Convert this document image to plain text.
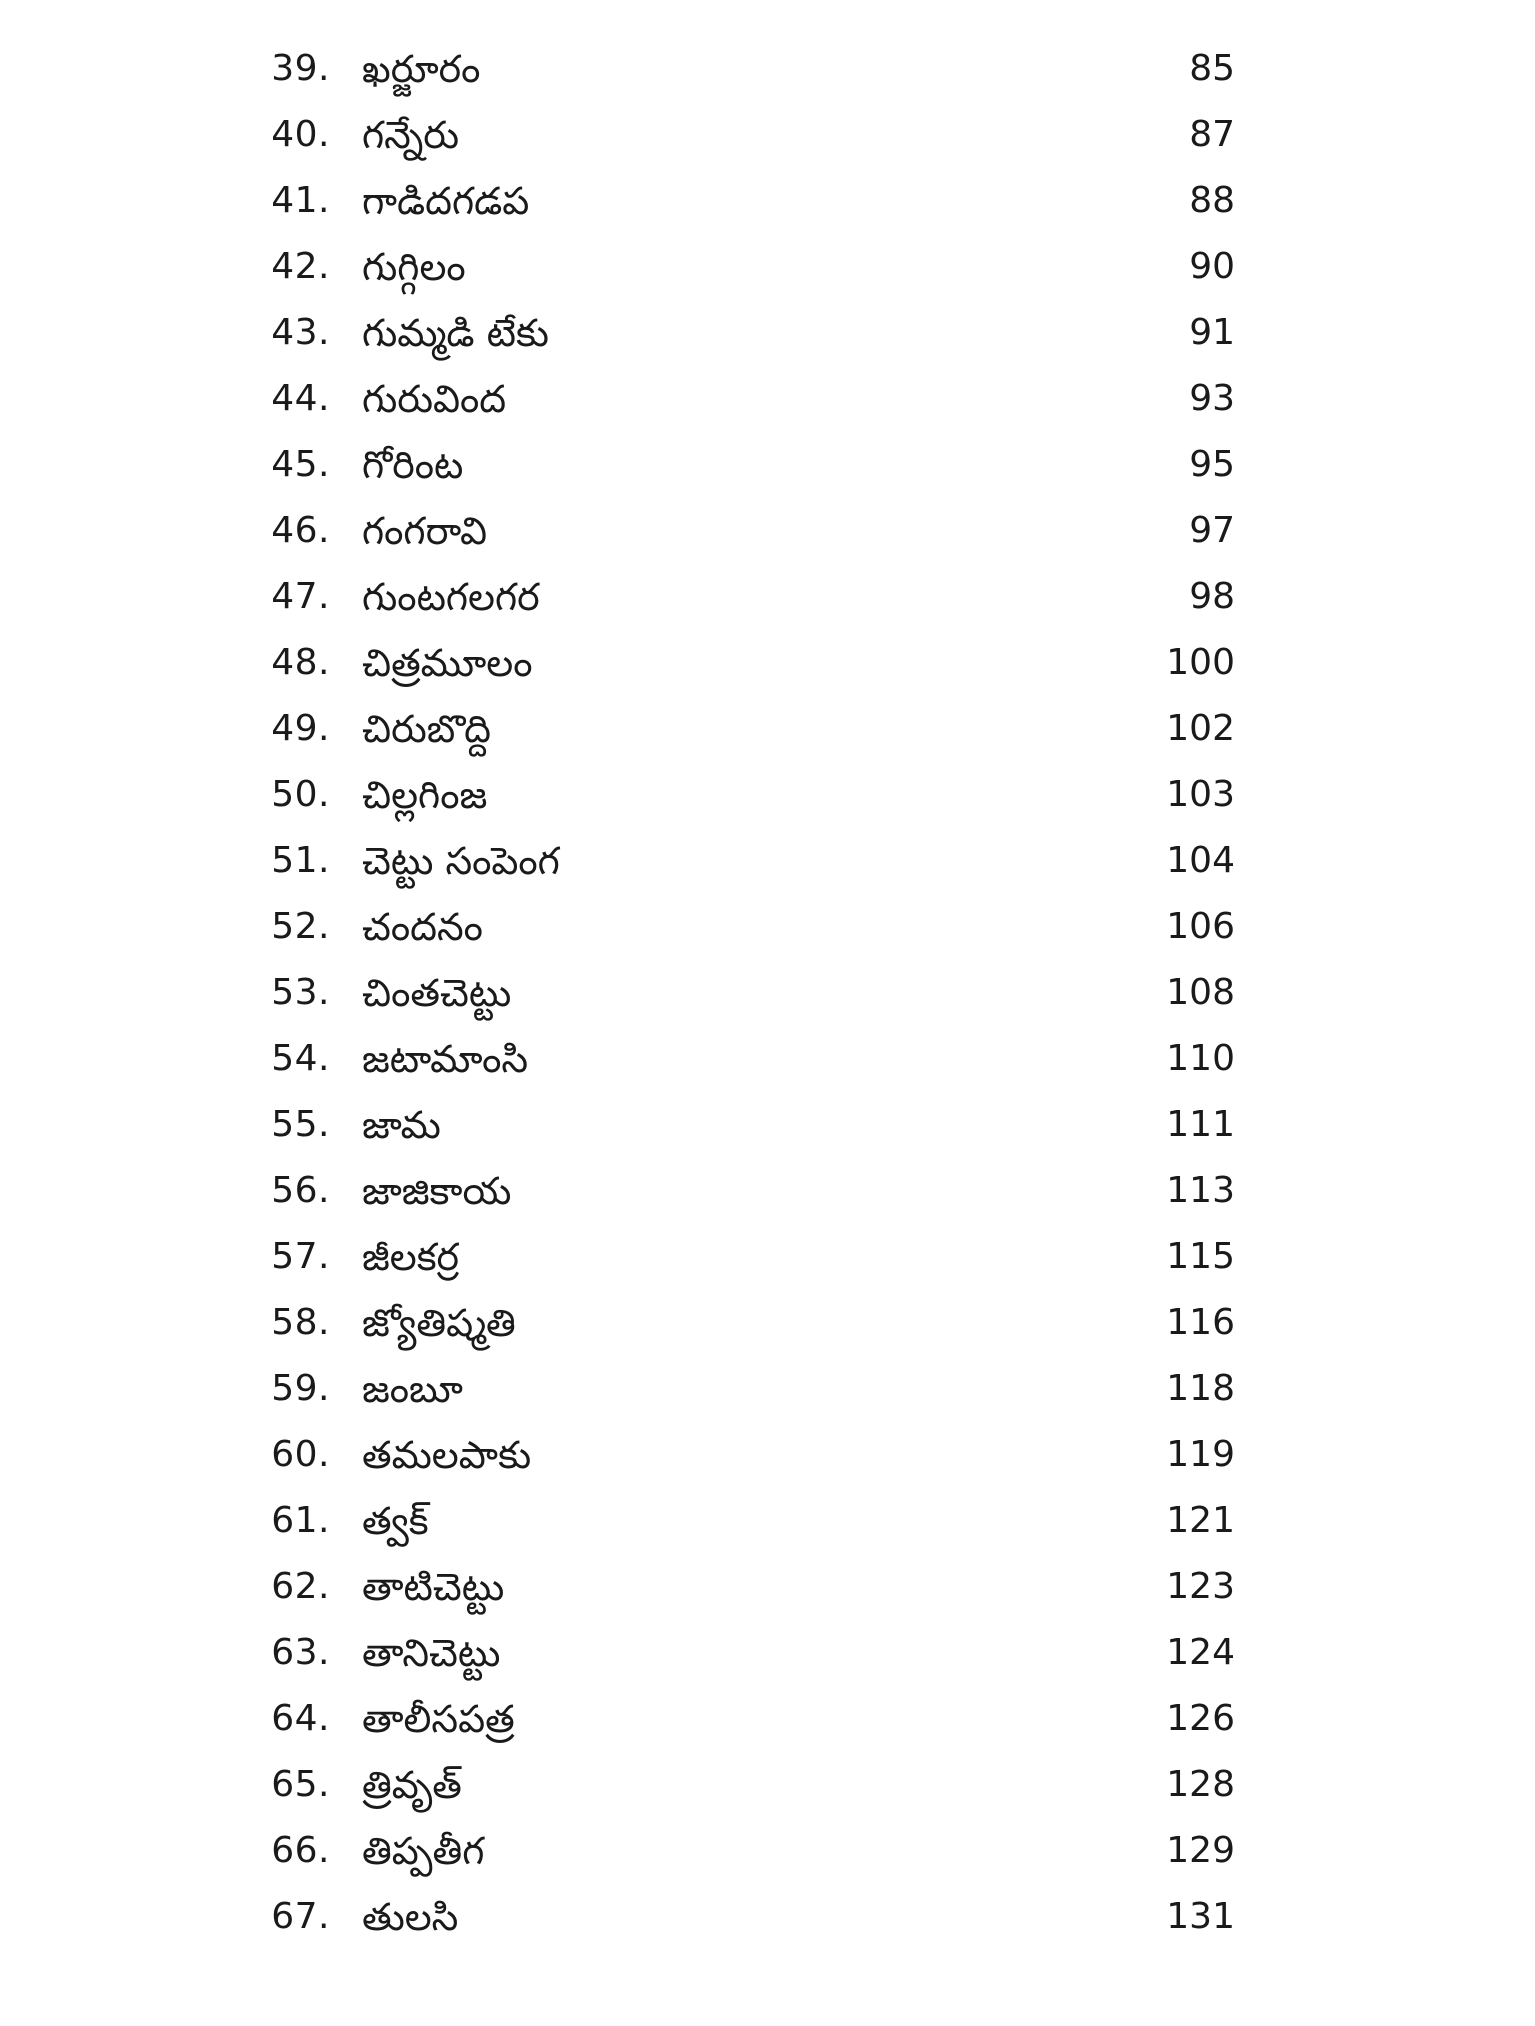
39. ఖర్జూరం	85
40. గన్నేరు	87
41. గాడిదగడప	88
42. గుగ్గిలం	90
43. గుమ్మడి టేకు	91
44. గురువింద	93
45. గోరింట	95
46. గంగరావి	97
47. గుంటగలగర	98
48. చిత్రమూలం	100
49. చిరుబొద్ది	102
50. చిల్లగింజ	103
51. చెట్టు సంపెంగ	104
52. చందనం	106
53. చింతచెట్టు	108
54. జటామాంసి	110
55. జామ	111
56. జాజికాయ	113
57. జీలకర్ర	115
58. జ్యోతిష్మతి	116
59. జంబూ	118
60. తమలపాకు	119
61. త్వక్	121
62. తాటిచెట్టు	123
63. తానిచెట్టు	124
64. తాలీసపత్ర	126
65. త్రివృత్	128
66. తిప్పతీగ	129
67. తులసి	131
